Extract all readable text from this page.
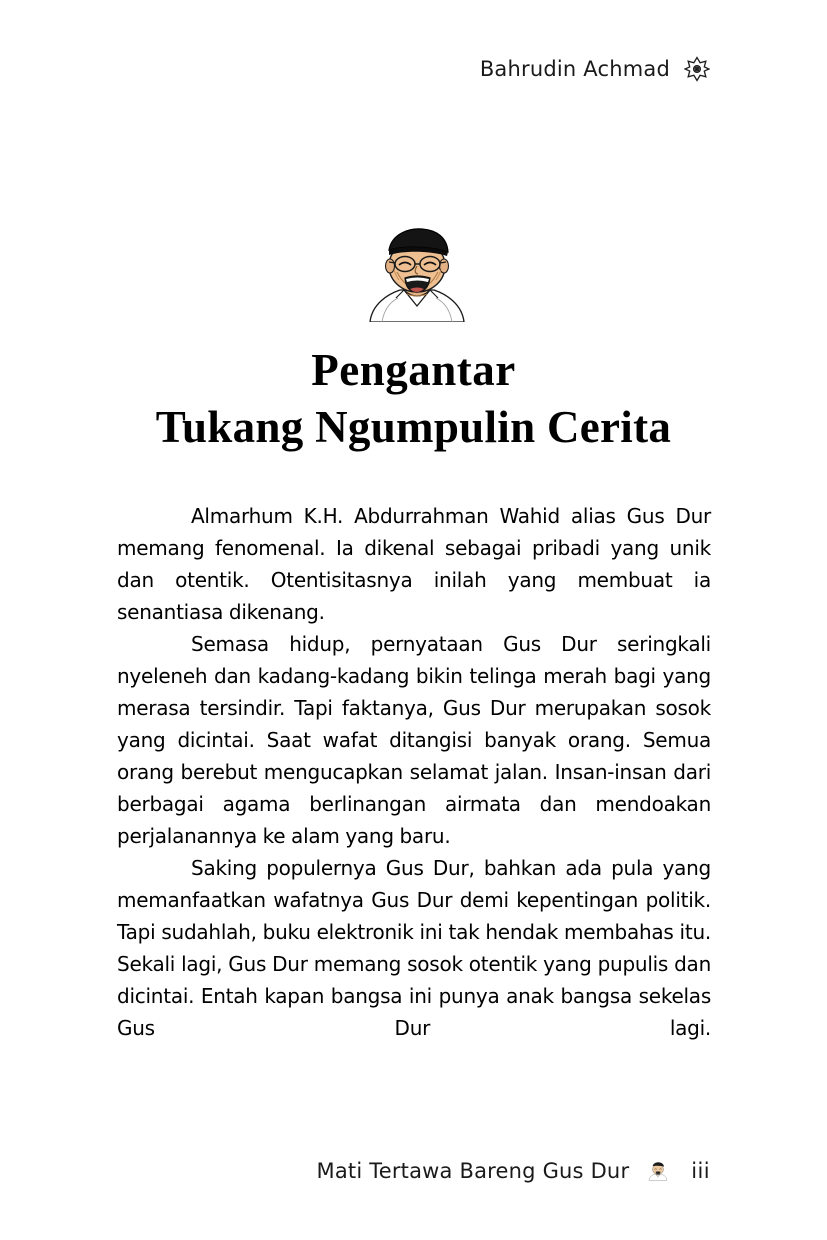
Bahrudin Achmad
Pengantar
Tukang Ngumpulin Cerita

Almarhum K.H. Abdurrahman Wahid alias Gus Dur memang fenomenal. Ia dikenal sebagai pribadi yang unik dan otentik. Otentisitasnya inilah yang membuat ia senantiasa dikenang.

Semasa hidup, pernyataan Gus Dur seringkali nyeleneh dan kadang-kadang bikin telinga merah bagi yang merasa tersindir. Tapi faktanya, Gus Dur merupakan sosok yang dicintai. Saat wafat ditangisi banyak orang. Semua orang berebut mengucapkan selamat jalan. Insan-insan dari berbagai agama berlinangan airmata dan mendoakan perjalanannya ke alam yang baru.

Saking populernya Gus Dur, bahkan ada pula yang memanfaatkan wafatnya Gus Dur demi kepentingan politik. Tapi sudahlah, buku elektronik ini tak hendak membahas itu. Sekali lagi, Gus Dur memang sosok otentik yang pupulis dan dicintai. Entah kapan bangsa ini punya anak bangsa sekelas Gus Dur lagi.

Mati Tertawa Bareng Gus Dur	iii
